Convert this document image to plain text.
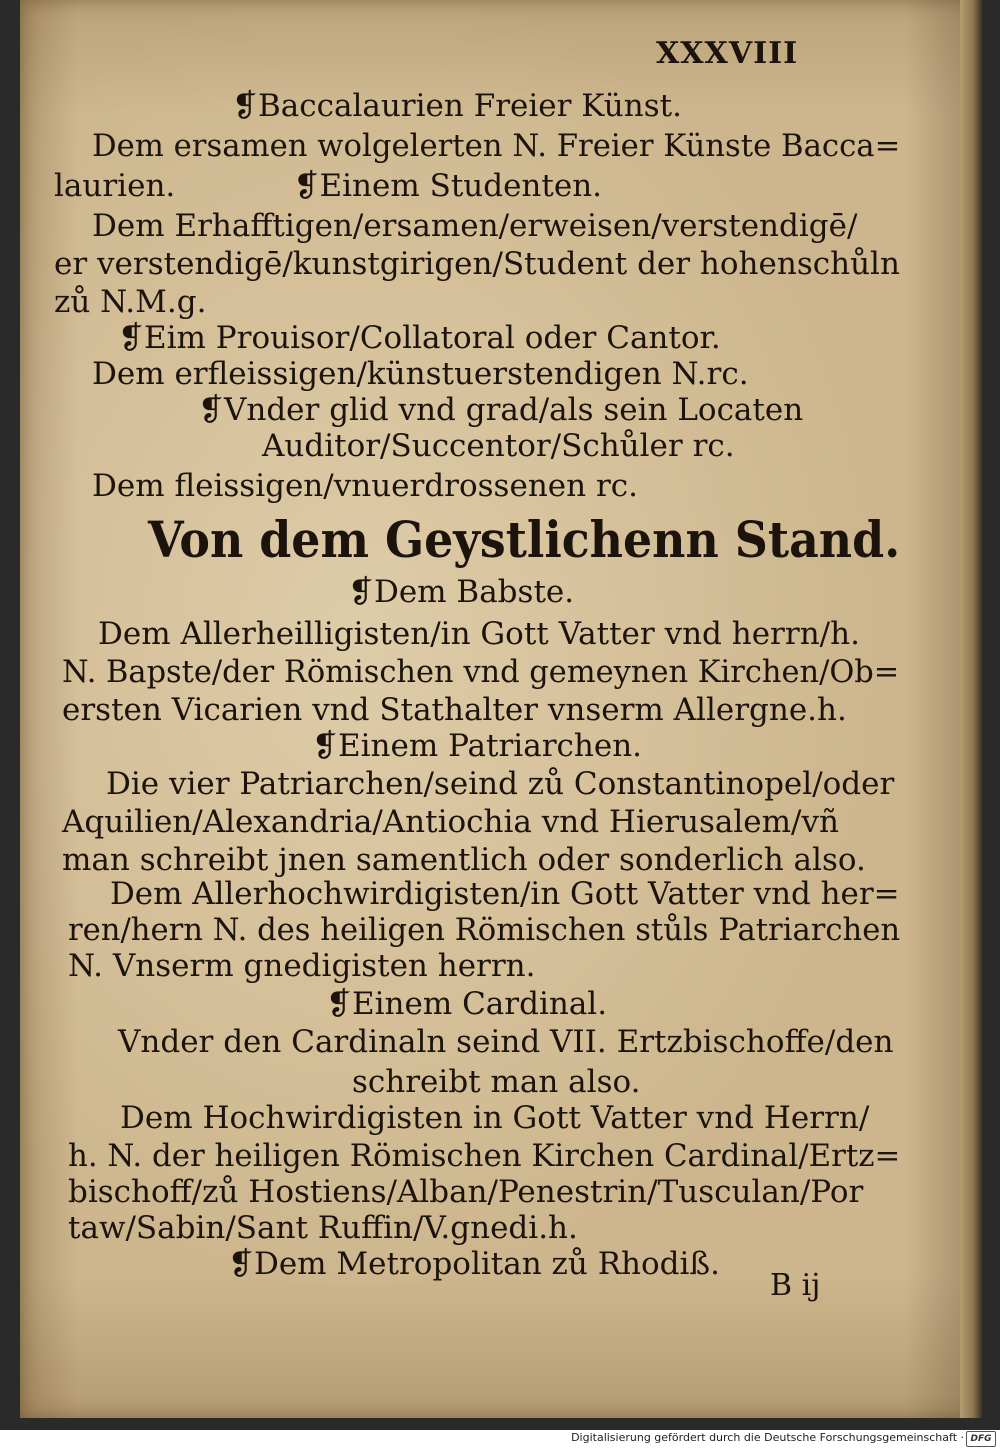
XXXVIII
❡Baccalaurien Freier Künst.
Dem ersamen wolgelerten N. Freier Künste Bacca=
laurien.            ❡Einem Studenten.
Dem Erhafftigen/ersamen/erweisen/verstendigē/
er verstendigē/kunstgirigen/Student der hohenschůln
zů N.M.g.
❡Eim Prouisor/Collatoral oder Cantor.
Dem erfleissigen/künstuerstendigen N.rc.
❡Vnder glid vnd grad/als sein Locaten
Auditor/Succentor/Schůler rc.
Dem fleissigen/vnuerdrossenen rc.
Von dem Geystlichenn Stand.
❡Dem Babste.
Dem Allerheilligisten/in Gott Vatter vnd herrn/h.
N. Bapste/der Römischen vnd gemeynen Kirchen/Ob=
ersten Vicarien vnd Stathalter vnserm Allergne.h.
❡Einem Patriarchen.
Die vier Patriarchen/seind zů Constantinopel/oder
Aquilien/Alexandria/Antiochia vnd Hierusalem/vñ
man schreibt jnen samentlich oder sonderlich also.
Dem Allerhochwirdigisten/in Gott Vatter vnd her=
ren/hern N. des heiligen Römischen stůls Patriarchen
N. Vnserm gnedigisten herrn.
❡Einem Cardinal.
Vnder den Cardinaln seind VII. Ertzbischoffe/den
schreibt man also.
Dem Hochwirdigisten in Gott Vatter vnd Herrn/
h. N. der heiligen Römischen Kirchen Cardinal/Ertz=
bischoff/zů Hostiens/Alban/Penestrin/Tusculan/Por
taw/Sabin/Sant Ruffin/V.gnedi.h.
❡Dem Metropolitan zů Rhodiß.
B ij
Digitalisierung gefördert durch die Deutsche Forschungsgemeinschaft · DFG
